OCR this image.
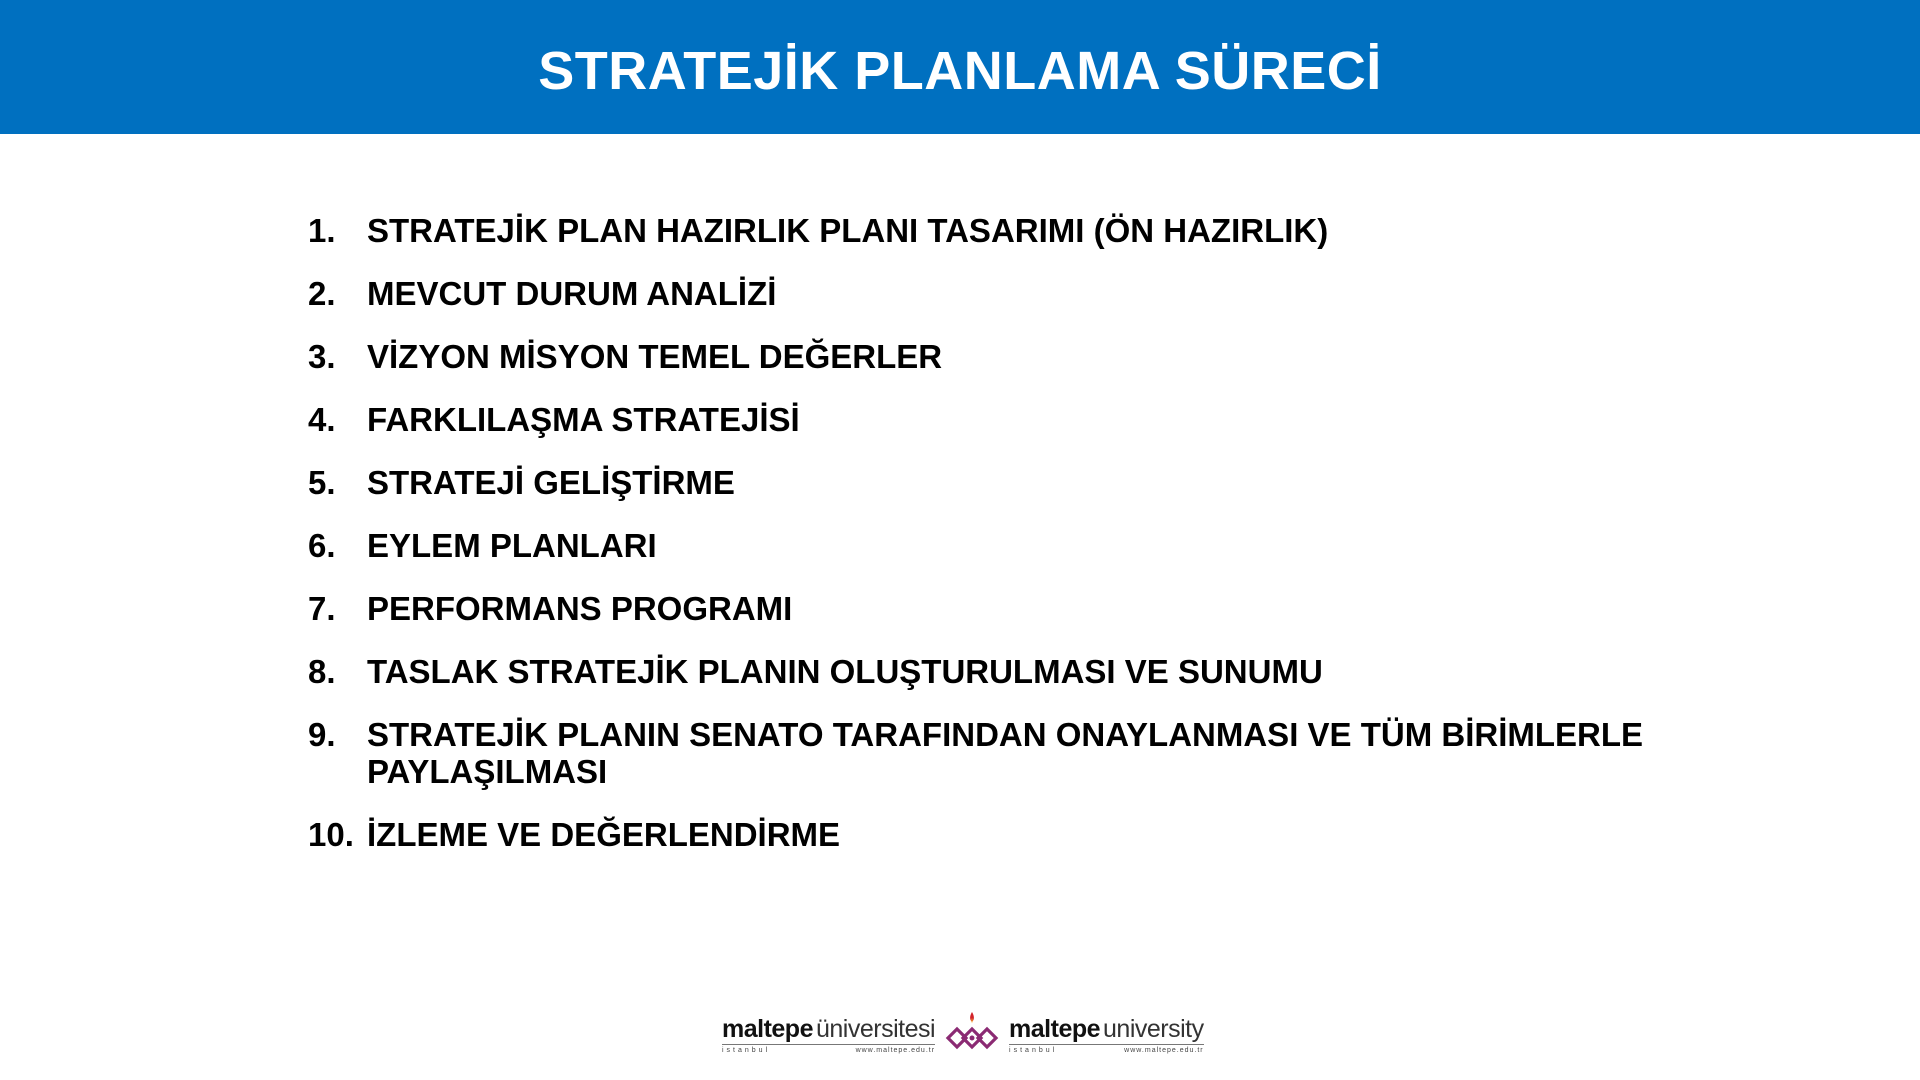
STRATEJİK PLANLAMA SÜRECİ
1. STRATEJİK PLAN HAZIRLIK PLANI TASARIMI (ÖN HAZIRLIK)
2. MEVCUT DURUM ANALİZİ
3. VİZYON MİSYON TEMEL DEĞERLER
4. FARKLILAŞMA STRATEJİSİ
5. STRATEJİ GELİŞTİRME
6. EYLEM PLANLARI
7. PERFORMANS PROGRAMI
8. TASLAK STRATEJİK PLANIN OLUŞTURULMASI VE SUNUMU
9. STRATEJİK PLANIN SENATO TARAFINDAN ONAYLANMASI VE TÜM BİRİMLERLE PAYLAŞILMASI
10. İZLEME VE DEĞERLENDİRME
maltepe üniversitesi
istanbul	www.maltepe.edu.tr

maltepe university
istanbul	www.maltepe.edu.tr
